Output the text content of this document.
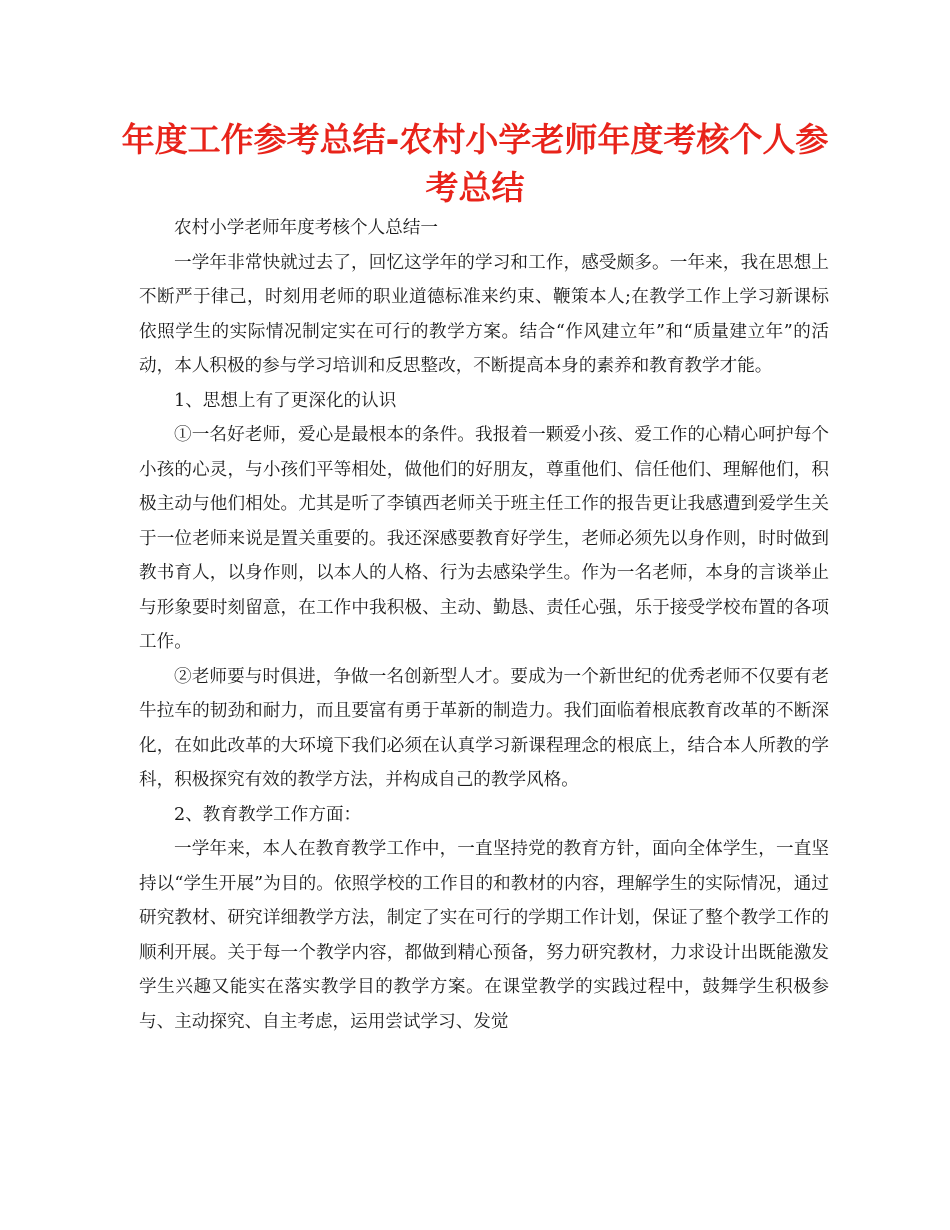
年度工作参考总结-农村小学老师年度考核个人参考总结

农村小学老师年度考核个人总结一

一学年非常快就过去了，回忆这学年的学习和工作，感受颇多。一年来，我在思想上不断严于律己，时刻用老师的职业道德标准来约束、鞭策本人;在教学工作上学习新课标依照学生的实际情况制定实在可行的教学方案。结合“作风建立年”和“质量建立年”的活动，本人积极的参与学习培训和反思整改，不断提高本身的素养和教育教学才能。

1、思想上有了更深化的认识

①一名好老师，爱心是最根本的条件。我报着一颗爱小孩、爱工作的心精心呵护每个小孩的心灵，与小孩们平等相处，做他们的好朋友，尊重他们、信任他们、理解他们，积极主动与他们相处。尤其是听了李镇西老师关于班主任工作的报告更让我感遭到爱学生关于一位老师来说是置关重要的。我还深感要教育好学生，老师必须先以身作则，时时做到教书育人，以身作则，以本人的人格、行为去感染学生。作为一名老师，本身的言谈举止与形象要时刻留意，在工作中我积极、主动、勤恳、责任心强，乐于接受学校布置的各项工作。

②老师要与时俱进，争做一名创新型人才。要成为一个新世纪的优秀老师不仅要有老牛拉车的韧劲和耐力，而且要富有勇于革新的制造力。我们面临着根底教育改革的不断深化，在如此改革的大环境下我们必须在认真学习新课程理念的根底上，结合本人所教的学科，积极探究有效的教学方法，并构成自己的教学风格。

2、教育教学工作方面：

一学年来，本人在教育教学工作中，一直坚持党的教育方针，面向全体学生，一直坚持以“学生开展”为目的。依照学校的工作目的和教材的内容，理解学生的实际情况，通过研究教材、研究详细教学方法，制定了实在可行的学期工作计划，保证了整个教学工作的顺利开展。关于每一个教学内容，都做到精心预备，努力研究教材，力求设计出既能激发学生兴趣又能实在落实教学目的教学方案。在课堂教学的实践过程中，鼓舞学生积极参与、主动探究、自主考虑，运用尝试学习、发觉
